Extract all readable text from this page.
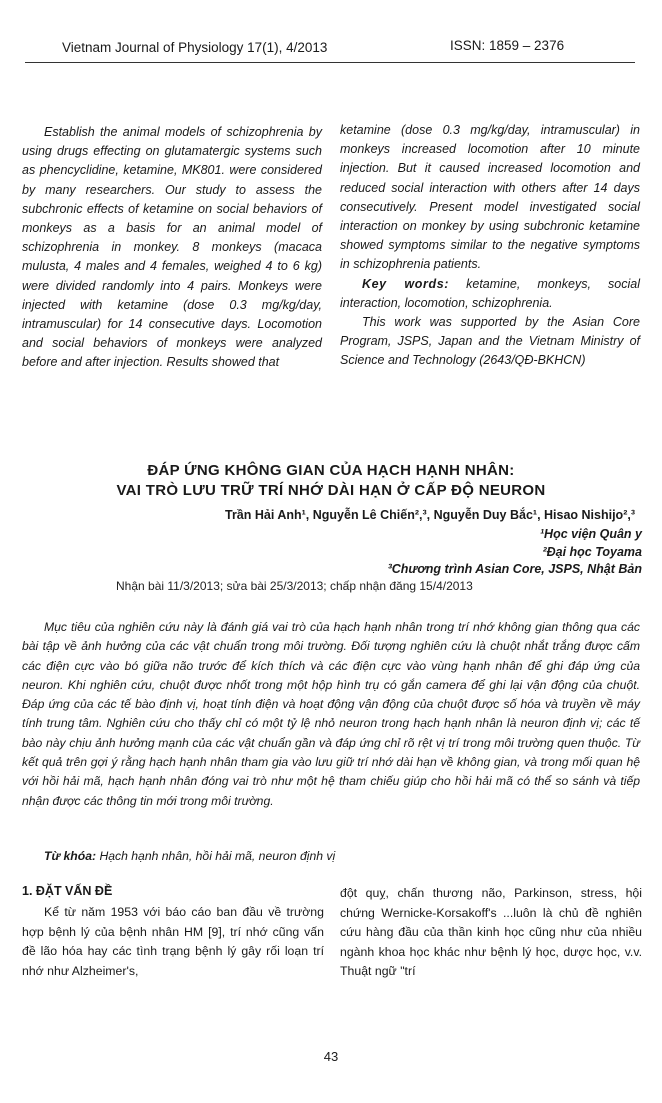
Vietnam Journal of Physiology 17(1), 4/2013	ISSN: 1859 – 2376

Establish the animal models of schizophrenia by using drugs effecting on glutamatergic systems such as phencyclidine, ketamine, MK801. were considered by many researchers. Our study to assess the subchronic effects of ketamine on social behaviors of monkeys as a basis for an animal model of schizophrenia in monkey. 8 monkeys (macaca mulusta, 4 males and 4 females, weighed 4 to 6 kg) were divided randomly into 4 pairs. Monkeys were injected with ketamine (dose 0.3 mg/kg/day, intramuscular) for 14 consecutive days. Locomotion and social behaviors of monkeys were analyzed before and after injection. Results showed that

ketamine (dose 0.3 mg/kg/day, intramuscular) in monkeys increased locomotion after 10 minute injection. But it caused increased locomotion and reduced social interaction with others after 14 days consecutively. Present model investigated social interaction on monkey by using subchronic ketamine showed symptoms similar to the negative symptoms in schizophrenia patients.

Key words: ketamine, monkeys, social interaction, locomotion, schizophrenia.

This work was supported by the Asian Core Program, JSPS, Japan and the Vietnam Ministry of Science and Technology (2643/QĐ-BKHCN)

ĐÁP ỨNG KHÔNG GIAN CỦA HẠCH HẠNH NHÂN:
VAI TRÒ LƯU TRỮ TRÍ NHỚ DÀI HẠN Ở CẤP ĐỘ NEURON
Trần Hải Anh¹, Nguyễn Lê Chiến²,³, Nguyễn Duy Bắc¹, Hisao Nishijo²,³
¹Học viện Quân y
²Đại học Toyama
³Chương trình Asian Core, JSPS, Nhật Bản
Nhận bài 11/3/2013; sửa bài 25/3/2013; chấp nhận đăng 15/4/2013

Mục tiêu của nghiên cứu này là đánh giá vai trò của hạch hạnh nhân trong trí nhớ không gian thông qua các bài tập về ảnh hưởng của các vật chuẩn trong môi trường. Đối tượng nghiên cứu là chuột nhắt trắng được cấm các điện cực vào bó giữa não trước để kích thích và các điện cực vào vùng hạnh nhân để ghi đáp ứng của neuron. Khi nghiên cứu, chuột được nhốt trong một hộp hình trụ có gắn camera để ghi lại vận động của chuột. Đáp ứng của các tế bào định vị, hoạt tính điện và hoạt động vận động của chuột được số hóa và truyền về máy tính trung tâm. Nghiên cứu cho thấy chỉ có một tỷ lệ nhỏ neuron trong hạch hạnh nhân là neuron định vị; các tế bào này chịu ảnh hưởng mạnh của các vật chuẩn gần và đáp ứng chỉ rõ rệt vị trí trong môi trường quen thuộc. Từ kết quả trên gợi ý rằng hạch hạnh nhân tham gia vào lưu giữ trí nhớ dài hạn về không gian, và trong mối quan hệ với hồi hải mã, hạch hạnh nhân đóng vai trò như một hệ tham chiếu giúp cho hồi hải mã có thể so sánh và tiếp nhận được các thông tin mới trong môi trường.

Từ khóa: Hạch hạnh nhân, hồi hải mã, neuron định vị
1. ĐẶT VẤN ĐỀ

Kể từ năm 1953 với báo cáo ban đầu về trường hợp bệnh lý của bệnh nhân HM [9], trí nhớ cũng vấn đề lão hóa hay các tình trạng bệnh lý gây rối loạn trí nhớ như Alzheimer's,

đột quỵ, chấn thương não, Parkinson, stress, hội chứng Wernicke-Korsakoff's ...luôn là chủ đề nghiên cứu hàng đầu của thần kinh học cũng như của nhiều ngành khoa học khác như bệnh lý học, dược học, v.v. Thuật ngữ "trí

43
